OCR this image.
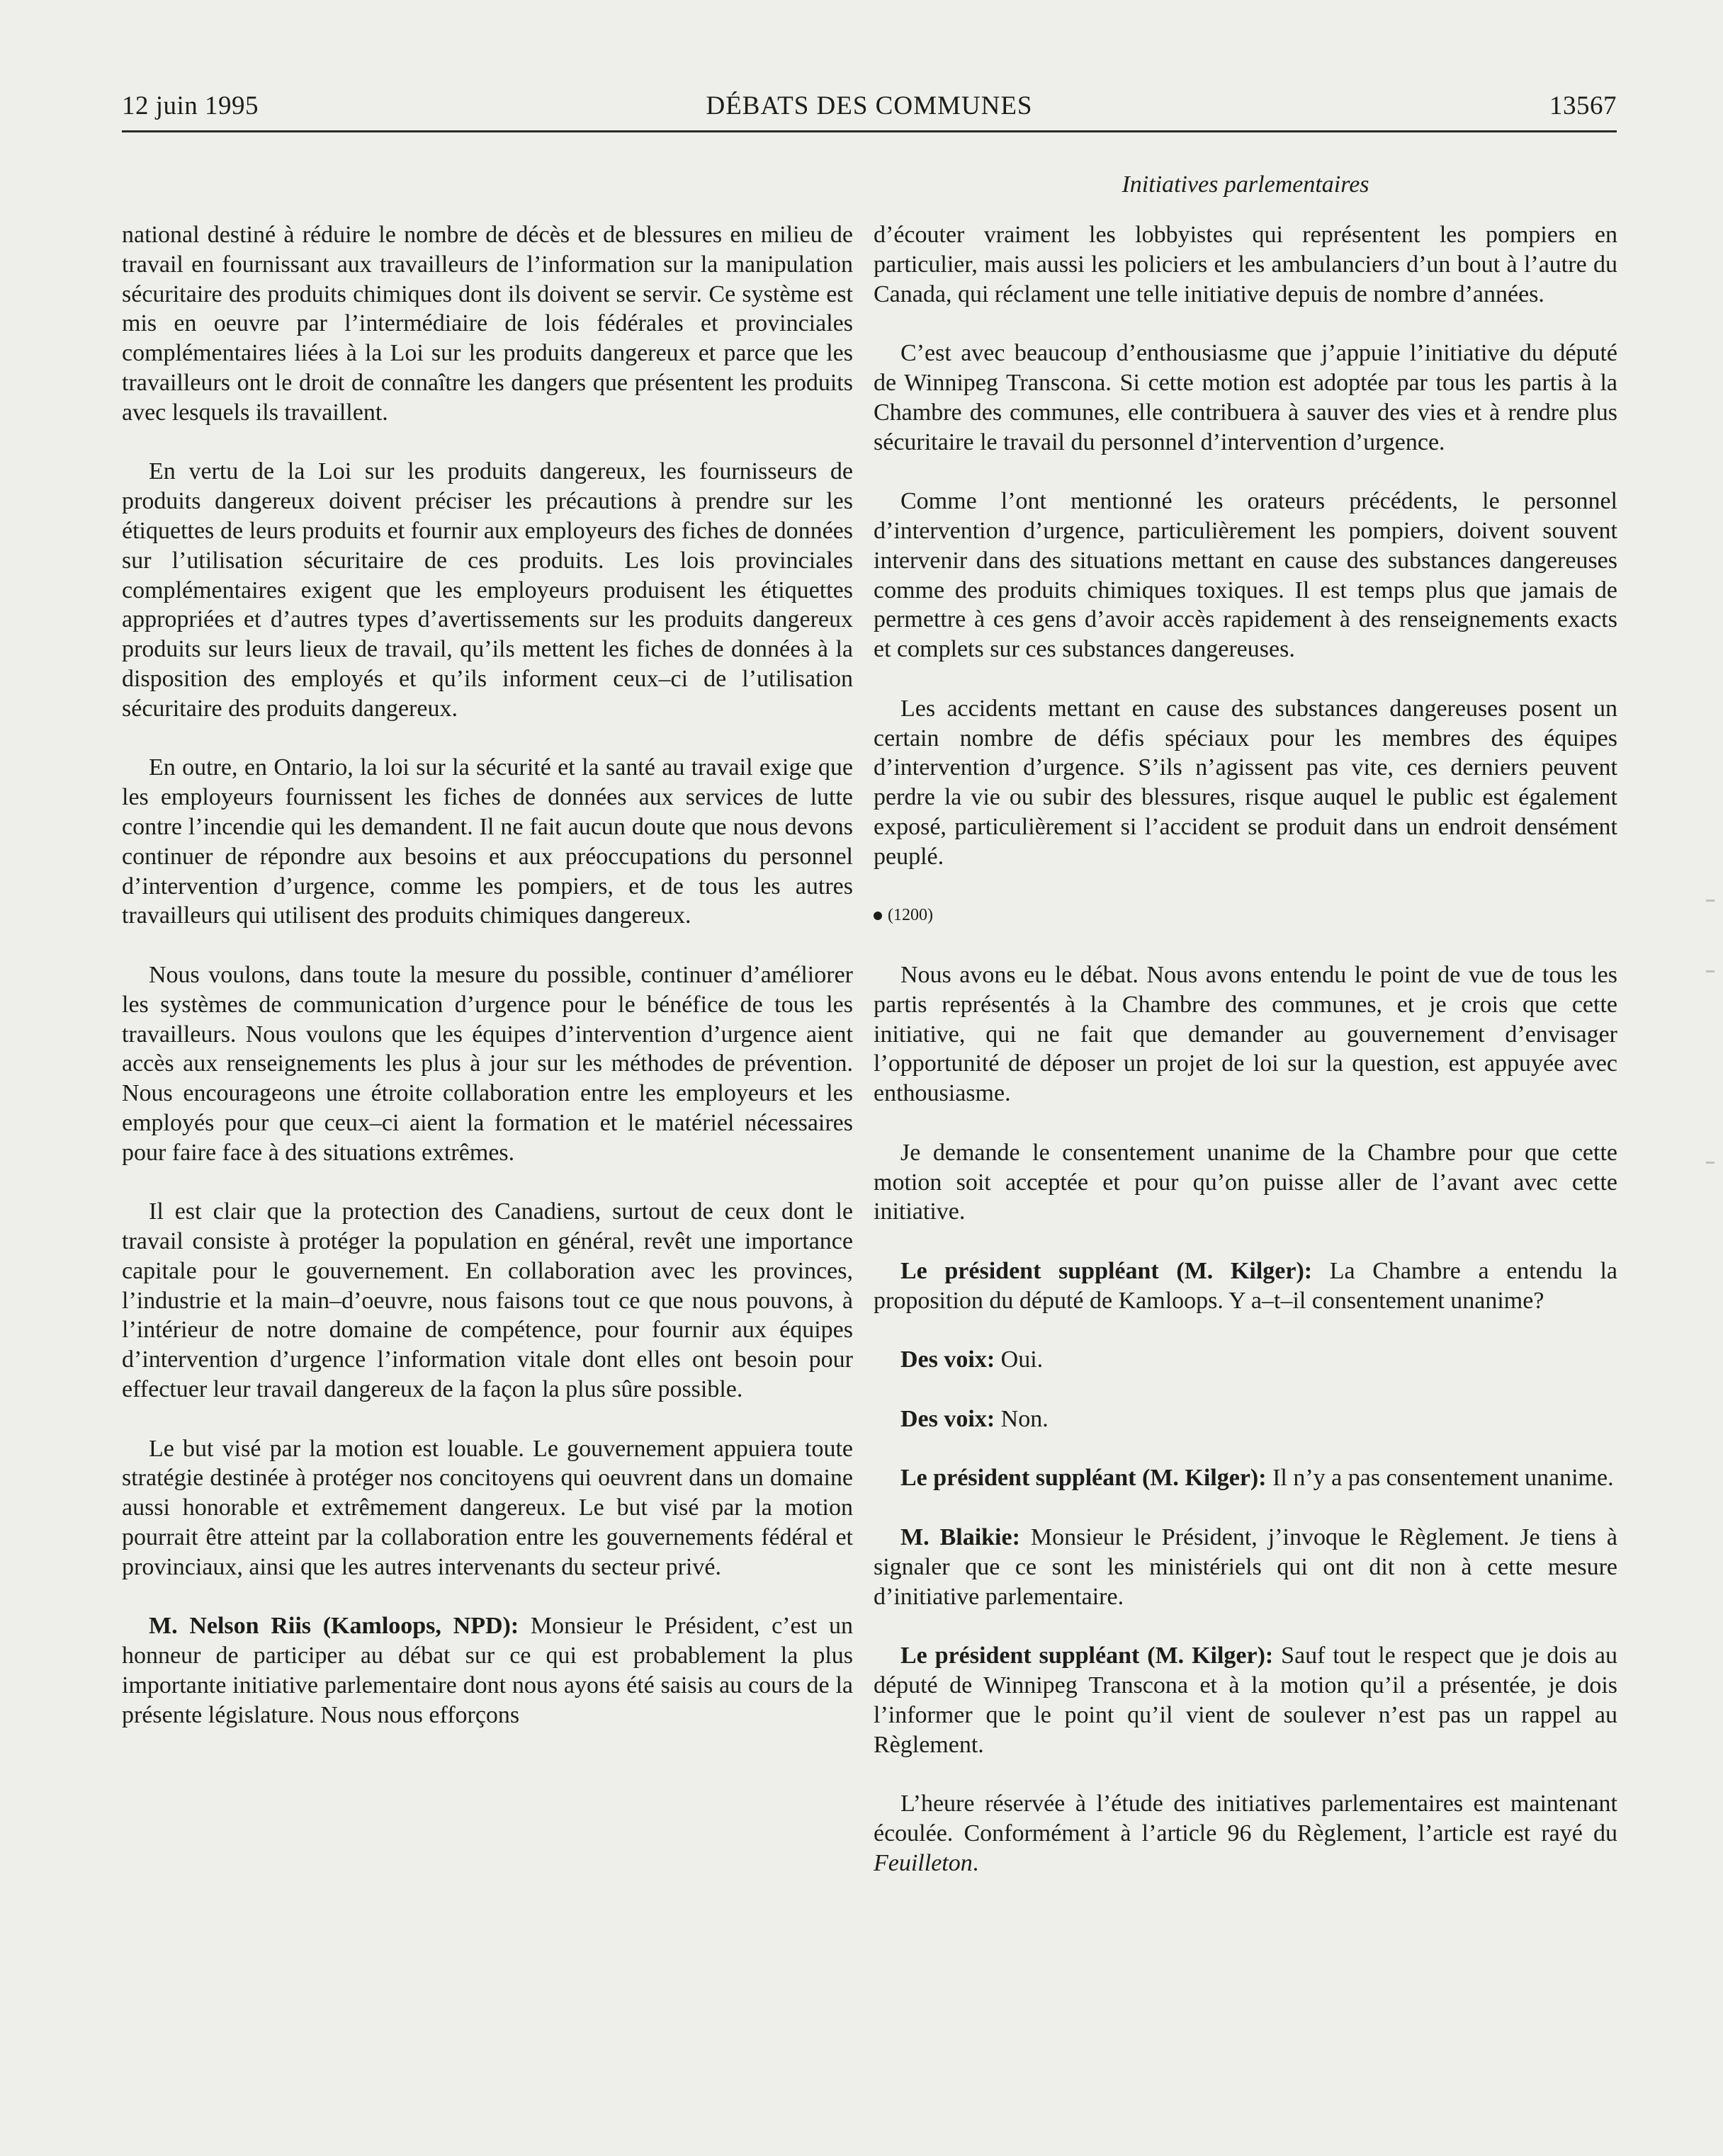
12 juin 1995	DÉBATS DES COMMUNES	13567
Initiatives parlementaires

national destiné à réduire le nombre de décès et de blessures en milieu de travail en fournissant aux travailleurs de l’information sur la manipulation sécuritaire des produits chimiques dont ils doivent se servir. Ce système est mis en oeuvre par l’intermédiaire de lois fédérales et provinciales complémentaires liées à la Loi sur les produits dangereux et parce que les travailleurs ont le droit de connaître les dangers que présentent les produits avec lesquels ils travaillent.

En vertu de la Loi sur les produits dangereux, les fournisseurs de produits dangereux doivent préciser les précautions à prendre sur les étiquettes de leurs produits et fournir aux employeurs des fiches de données sur l’utilisation sécuritaire de ces produits. Les lois provinciales complémentaires exigent que les employeurs produisent les étiquettes appropriées et d’autres types d’avertissements sur les produits dangereux produits sur leurs lieux de travail, qu’ils mettent les fiches de données à la disposition des employés et qu’ils informent ceux–ci de l’utilisation sécuritaire des produits dangereux.

En outre, en Ontario, la loi sur la sécurité et la santé au travail exige que les employeurs fournissent les fiches de données aux services de lutte contre l’incendie qui les demandent. Il ne fait aucun doute que nous devons continuer de répondre aux besoins et aux préoccupations du personnel d’intervention d’urgence, comme les pompiers, et de tous les autres travailleurs qui utilisent des produits chimiques dangereux.

Nous voulons, dans toute la mesure du possible, continuer d’améliorer les systèmes de communication d’urgence pour le bénéfice de tous les travailleurs. Nous voulons que les équipes d’intervention d’urgence aient accès aux renseignements les plus à jour sur les méthodes de prévention. Nous encourageons une étroite collaboration entre les employeurs et les employés pour que ceux–ci aient la formation et le matériel nécessaires pour faire face à des situations extrêmes.

Il est clair que la protection des Canadiens, surtout de ceux dont le travail consiste à protéger la population en général, revêt une importance capitale pour le gouvernement. En collaboration avec les provinces, l’industrie et la main–d’oeuvre, nous faisons tout ce que nous pouvons, à l’intérieur de notre domaine de compétence, pour fournir aux équipes d’intervention d’urgence l’information vitale dont elles ont besoin pour effectuer leur travail dangereux de la façon la plus sûre possible.

Le but visé par la motion est louable. Le gouvernement appuiera toute stratégie destinée à protéger nos concitoyens qui oeuvrent dans un domaine aussi honorable et extrêmement dangereux. Le but visé par la motion pourrait être atteint par la collaboration entre les gouvernements fédéral et provinciaux, ainsi que les autres intervenants du secteur privé.

M. Nelson Riis (Kamloops, NPD): Monsieur le Président, c’est un honneur de participer au débat sur ce qui est probablement la plus importante initiative parlementaire dont nous ayons été saisis au cours de la présente législature. Nous nous efforçons

d’écouter vraiment les lobbyistes qui représentent les pompiers en particulier, mais aussi les policiers et les ambulanciers d’un bout à l’autre du Canada, qui réclament une telle initiative depuis de nombre d’années.

C’est avec beaucoup d’enthousiasme que j’appuie l’initiative du député de Winnipeg Transcona. Si cette motion est adoptée par tous les partis à la Chambre des communes, elle contribuera à sauver des vies et à rendre plus sécuritaire le travail du personnel d’intervention d’urgence.

Comme l’ont mentionné les orateurs précédents, le personnel d’intervention d’urgence, particulièrement les pompiers, doivent souvent intervenir dans des situations mettant en cause des substances dangereuses comme des produits chimiques toxiques. Il est temps plus que jamais de permettre à ces gens d’avoir accès rapidement à des renseignements exacts et complets sur ces substances dangereuses.

Les accidents mettant en cause des substances dangereuses posent un certain nombre de défis spéciaux pour les membres des équipes d’intervention d’urgence. S’ils n’agissent pas vite, ces derniers peuvent perdre la vie ou subir des blessures, risque auquel le public est également exposé, particulièrement si l’accident se produit dans un endroit densément peuplé.

(1200)

Nous avons eu le débat. Nous avons entendu le point de vue de tous les partis représentés à la Chambre des communes, et je crois que cette initiative, qui ne fait que demander au gouvernement d’envisager l’opportunité de déposer un projet de loi sur la question, est appuyée avec enthousiasme.

Je demande le consentement unanime de la Chambre pour que cette motion soit acceptée et pour qu’on puisse aller de l’avant avec cette initiative.

Le président suppléant (M. Kilger): La Chambre a entendu la proposition du député de Kamloops. Y a–t–il consentement unanime?

Des voix: Oui.

Des voix: Non.

Le président suppléant (M. Kilger): Il n’y a pas consentement unanime.

M. Blaikie: Monsieur le Président, j’invoque le Règlement. Je tiens à signaler que ce sont les ministériels qui ont dit non à cette mesure d’initiative parlementaire.

Le président suppléant (M. Kilger): Sauf tout le respect que je dois au député de Winnipeg Transcona et à la motion qu’il a présentée, je dois l’informer que le point qu’il vient de soulever n’est pas un rappel au Règlement.

L’heure réservée à l’étude des initiatives parlementaires est maintenant écoulée. Conformément à l’article 96 du Règlement, l’article est rayé du Feuilleton.
